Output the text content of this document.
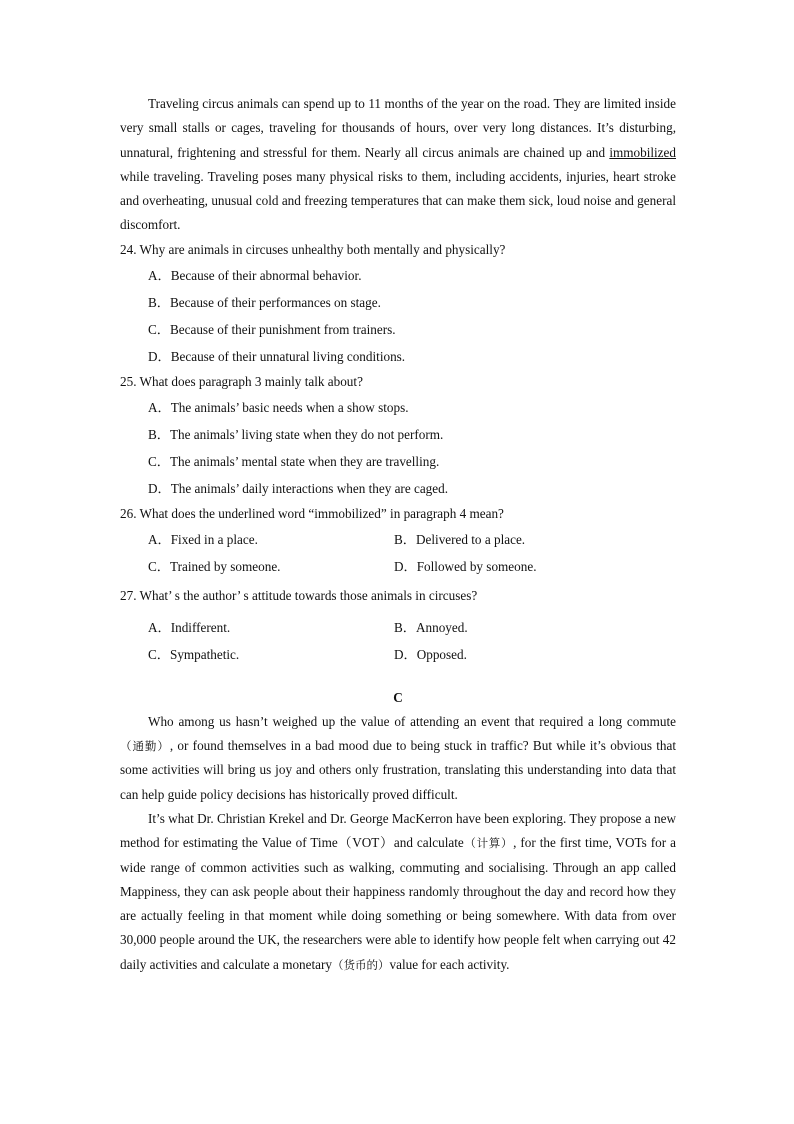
Traveling circus animals can spend up to 11 months of the year on the road. They are limited inside very small stalls or cages, traveling for thousands of hours, over very long distances. It’s disturbing, unnatural, frightening and stressful for them. Nearly all circus animals are chained up and immobilized while traveling. Traveling poses many physical risks to them, including accidents, injuries, heart stroke and overheating, unusual cold and freezing temperatures that can make them sick, loud noise and general discomfort.

24. Why are animals in circuses unhealthy both mentally and physically?

A．Because of their abnormal behavior.

B．Because of their performances on stage.

C．Because of their punishment from trainers.

D．Because of their unnatural living conditions.

25. What does paragraph 3 mainly talk about?

A．The animals’ basic needs when a show stops.

B．The animals’ living state when they do not perform.

C．The animals’ mental state when they are travelling.

D．The animals’ daily interactions when they are caged.

26. What does the underlined word “immobilized” in paragraph 4 mean?

A．Fixed in a place.	B．Delivered to a place.
C．Trained by someone.	D．Followed by someone.

27. What’ s the author’ s attitude towards those animals in circuses?

A．Indifferent.	B．Annoyed.
C．Sympathetic.	D．Opposed.

C

Who among us hasn’t weighed up the value of attending an event that required a long commute （通勤）, or found themselves in a bad mood due to being stuck in traffic? But while it’s obvious that some activities will bring us joy and others only frustration, translating this understanding into data that can help guide policy decisions has historically proved difficult.

It’s what Dr. Christian Krekel and Dr. George MacKerron have been exploring. They propose a new method for estimating the Value of Time（VOT）and calculate（计算）, for the first time, VOTs for a wide range of common activities such as walking, commuting and socialising. Through an app called Mappiness, they can ask people about their happiness randomly throughout the day and record how they are actually feeling in that moment while doing something or being somewhere. With data from over 30,000 people around the UK, the researchers were able to identify how people felt when carrying out 42 daily activities and calculate a monetary（货币的）value for each activity.
